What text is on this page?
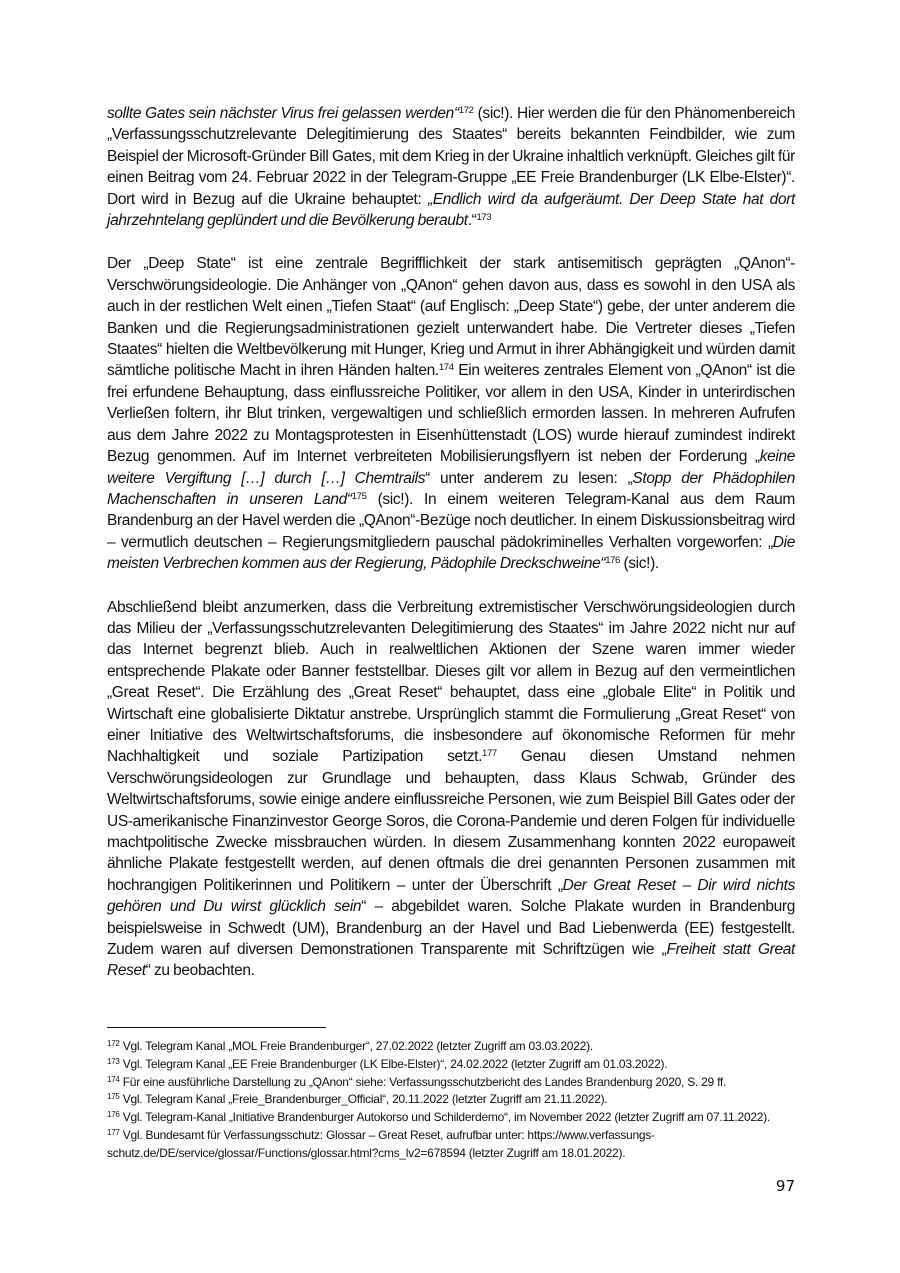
sollte Gates sein nächster Virus frei gelassen werden“$^{172}$ (sic!). Hier werden die für den Phänomenbereich „Verfassungsschutzrelevante Delegitimierung des Staates“ bereits bekannten Feindbilder, wie zum Beispiel der Microsoft-Gründer Bill Gates, mit dem Krieg in der Ukraine inhaltlich verknüpft. Gleiches gilt für einen Beitrag vom 24. Februar 2022 in der Telegram-Gruppe „EE Freie Brandenburger (LK Elbe-Elster)“. Dort wird in Bezug auf die Ukraine behauptet: „Endlich wird da aufgeräumt. Der Deep State hat dort jahrzehntelang geplündert und die Bevölkerung beraubt.“$^{173}$

Der „Deep State“ ist eine zentrale Begrifflichkeit der stark antisemitisch geprägten „QAnon“-Verschwörungsideologie. Die Anhänger von „QAnon“ gehen davon aus, dass es sowohl in den USA als auch in der restlichen Welt einen „Tiefen Staat“ (auf Englisch: „Deep State“) gebe, der unter anderem die Banken und die Regierungsadministrationen gezielt unterwandert habe. Die Vertreter dieses „Tiefen Staates“ hielten die Weltbevölkerung mit Hunger, Krieg und Armut in ihrer Abhängigkeit und würden damit sämtliche politische Macht in ihren Händen halten.$^{174}$ Ein weiteres zentrales Element von „QAnon“ ist die frei erfundene Behauptung, dass einflussreiche Politiker, vor allem in den USA, Kinder in unterirdischen Verließen foltern, ihr Blut trinken, vergewaltigen und schließlich ermorden lassen. In mehreren Aufrufen aus dem Jahre 2022 zu Montagsprotesten in Eisenhüttenstadt (LOS) wurde hierauf zumindest indirekt Bezug genommen. Auf im Internet verbreiteten Mobilisierungsflyern ist neben der Forderung „keine weitere Vergiftung […] durch […] Chemtrails“ unter anderem zu lesen: „Stopp der Phädophilen Machenschaften in unseren Land“$^{175}$ (sic!). In einem weiteren Telegram-Kanal aus dem Raum Brandenburg an der Havel werden die „QAnon“-Bezüge noch deutlicher. In einem Diskussionsbeitrag wird – vermutlich deutschen – Regierungsmitgliedern pauschal pädokriminelles Verhalten vorgeworfen: „Die meisten Verbrechen kommen aus der Regierung, Pädophile Dreckschweine“$^{176}$ (sic!).

Abschließend bleibt anzumerken, dass die Verbreitung extremistischer Verschwörungsideologien durch das Milieu der „Verfassungsschutzrelevanten Delegitimierung des Staates“ im Jahre 2022 nicht nur auf das Internet begrenzt blieb. Auch in realweltlichen Aktionen der Szene waren immer wieder entsprechende Plakate oder Banner feststellbar. Dieses gilt vor allem in Bezug auf den vermeintlichen „Great Reset“. Die Erzählung des „Great Reset“ behauptet, dass eine „globale Elite“ in Politik und Wirtschaft eine globalisierte Diktatur anstrebe. Ursprünglich stammt die Formulierung „Great Reset“ von einer Initiative des Weltwirtschaftsforums, die insbesondere auf ökonomische Reformen für mehr Nachhaltigkeit und soziale Partizipation setzt.$^{177}$ Genau diesen Umstand nehmen Verschwörungsideologen zur Grundlage und behaupten, dass Klaus Schwab, Gründer des Weltwirtschaftsforums, sowie einige andere einflussreiche Personen, wie zum Beispiel Bill Gates oder der US-amerikanische Finanzinvestor George Soros, die Corona-Pandemie und deren Folgen für individuelle machtpolitische Zwecke missbrauchen würden. In diesem Zusammenhang konnten 2022 europaweit ähnliche Plakate festgestellt werden, auf denen oftmals die drei genannten Personen zusammen mit hochrangigen Politikerinnen und Politikern – unter der Überschrift „Der Great Reset – Dir wird nichts gehören und Du wirst glücklich sein“ – abgebildet waren. Solche Plakate wurden in Brandenburg beispielsweise in Schwedt (UM), Brandenburg an der Havel und Bad Liebenwerda (EE) festgestellt. Zudem waren auf diversen Demonstrationen Transparente mit Schriftzügen wie „Freiheit statt Great Reset“ zu beobachten.

$^{172}$ Vgl. Telegram Kanal „MOL Freie Brandenburger“, 27.02.2022 (letzter Zugriff am 03.03.2022).

$^{173}$ Vgl. Telegram Kanal „EE Freie Brandenburger (LK Elbe-Elster)“, 24.02.2022 (letzter Zugriff am 01.03.2022).

$^{174}$ Für eine ausführliche Darstellung zu „QAnon“ siehe: Verfassungsschutzbericht des Landes Brandenburg 2020, S. 29 ff.

$^{175}$ Vgl. Telegram Kanal „Freie_Brandenburger_Official“, 20.11.2022 (letzter Zugriff am 21.11.2022).

$^{176}$ Vgl. Telegram-Kanal „Initiative Brandenburger Autokorso und Schilderdemo“, im November 2022 (letzter Zugriff am 07.11.2022).

$^{177}$ Vgl. Bundesamt für Verfassungsschutz: Glossar – Great Reset, aufrufbar unter: https://www.verfassungs-schutz.de/DE/service/glossar/Functions/glossar.html?cms_lv2=678594 (letzter Zugriff am 18.01.2022).

97
